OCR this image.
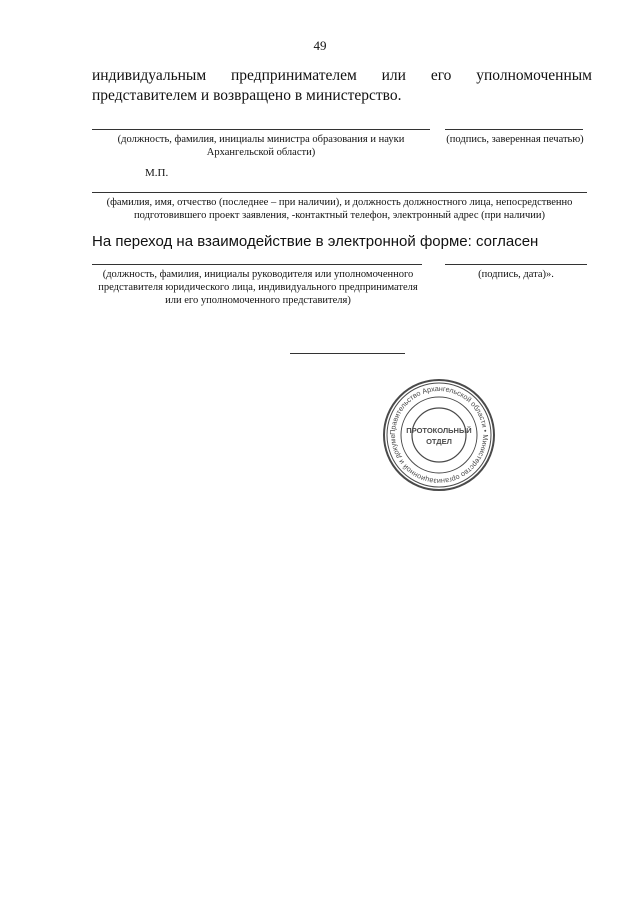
49
индивидуальным предпринимателем или его уполномоченным
представителем и возвращено в министерство.
(должность, фамилия, инициалы министра образования и науки
Архангельской области)
(подпись, заверенная печатью)
М.П.
(фамилия, имя, отчество (последнее – при наличии), и должность должностного лица, непосредственно
подготовившего проект заявления, -контактный телефон, электронный адрес (при наличии)
На переход на взаимодействие в электронной форме: согласен
(должность, фамилия, инициалы руководителя или уполномоченного
представителя юридического лица, индивидуального предпринимателя
или его уполномоченного представителя)
(подпись, дата)».
Правительство Архангельской области • Министерство организационной и докуме
ПРОТОКОЛЬНЫЙ
ОТДЕЛ
